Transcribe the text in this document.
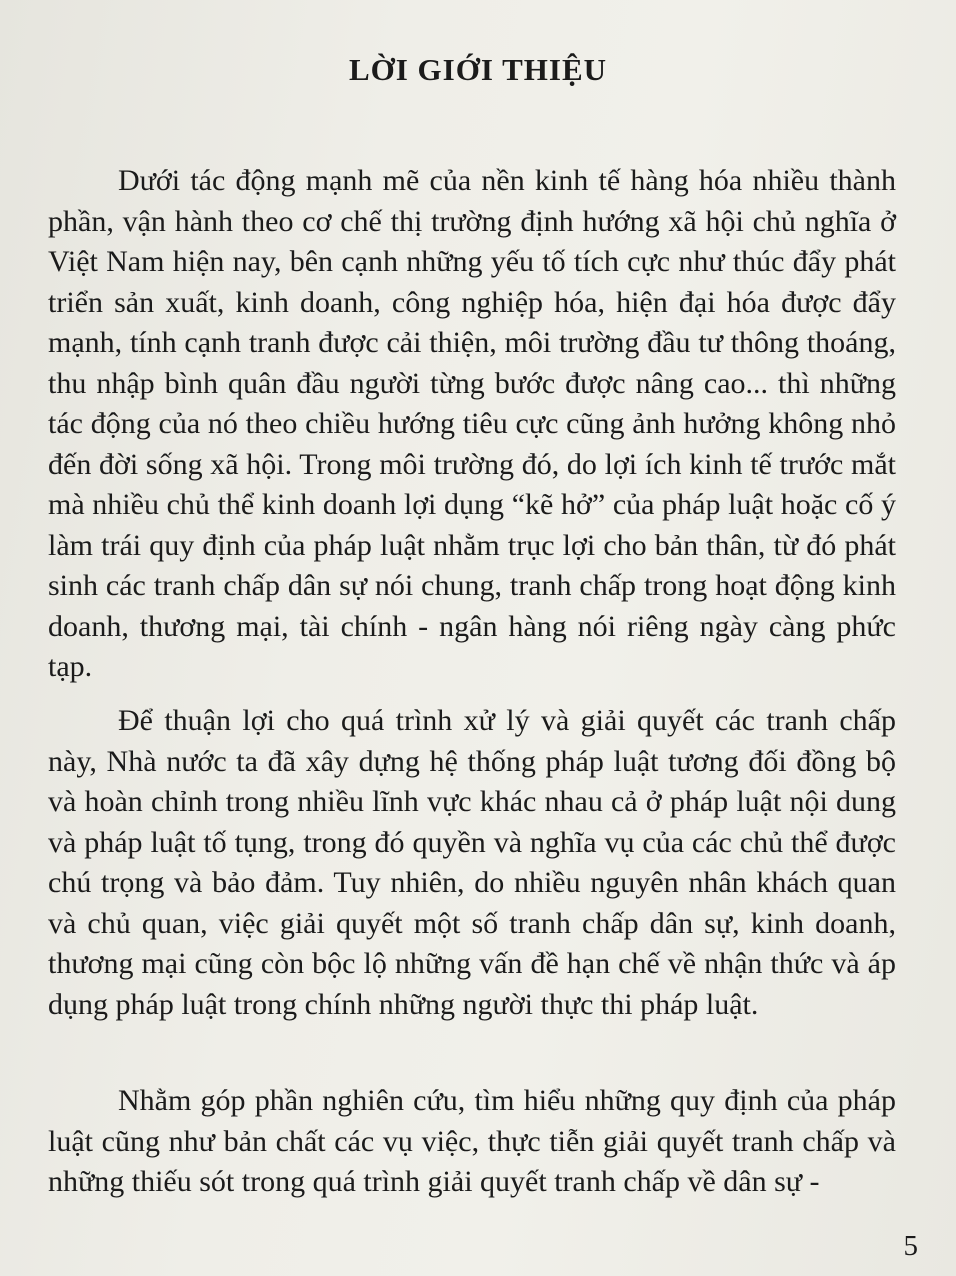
LỜI GIỚI THIỆU

Dưới tác động mạnh mẽ của nền kinh tế hàng hóa nhiều thành phần, vận hành theo cơ chế thị trường định hướng xã hội chủ nghĩa ở Việt Nam hiện nay, bên cạnh những yếu tố tích cực như thúc đẩy phát triển sản xuất, kinh doanh, công nghiệp hóa, hiện đại hóa được đẩy mạnh, tính cạnh tranh được cải thiện, môi trường đầu tư thông thoáng, thu nhập bình quân đầu người từng bước được nâng cao... thì những tác động của nó theo chiều hướng tiêu cực cũng ảnh hưởng không nhỏ đến đời sống xã hội. Trong môi trường đó, do lợi ích kinh tế trước mắt mà nhiều chủ thể kinh doanh lợi dụng “kẽ hở” của pháp luật hoặc cố ý làm trái quy định của pháp luật nhằm trục lợi cho bản thân, từ đó phát sinh các tranh chấp dân sự nói chung, tranh chấp trong hoạt động kinh doanh, thương mại, tài chính - ngân hàng nói riêng ngày càng phức tạp.

Để thuận lợi cho quá trình xử lý và giải quyết các tranh chấp này, Nhà nước ta đã xây dựng hệ thống pháp luật tương đối đồng bộ và hoàn chỉnh trong nhiều lĩnh vực khác nhau cả ở pháp luật nội dung và pháp luật tố tụng, trong đó quyền và nghĩa vụ của các chủ thể được chú trọng và bảo đảm. Tuy nhiên, do nhiều nguyên nhân khách quan và chủ quan, việc giải quyết một số tranh chấp dân sự, kinh doanh, thương mại cũng còn bộc lộ những vấn đề hạn chế về nhận thức và áp dụng pháp luật trong chính những người thực thi pháp luật.

Nhằm góp phần nghiên cứu, tìm hiểu những quy định của pháp luật cũng như bản chất các vụ việc, thực tiễn giải quyết tranh chấp và những thiếu sót trong quá trình giải quyết tranh chấp về dân sự -

5
